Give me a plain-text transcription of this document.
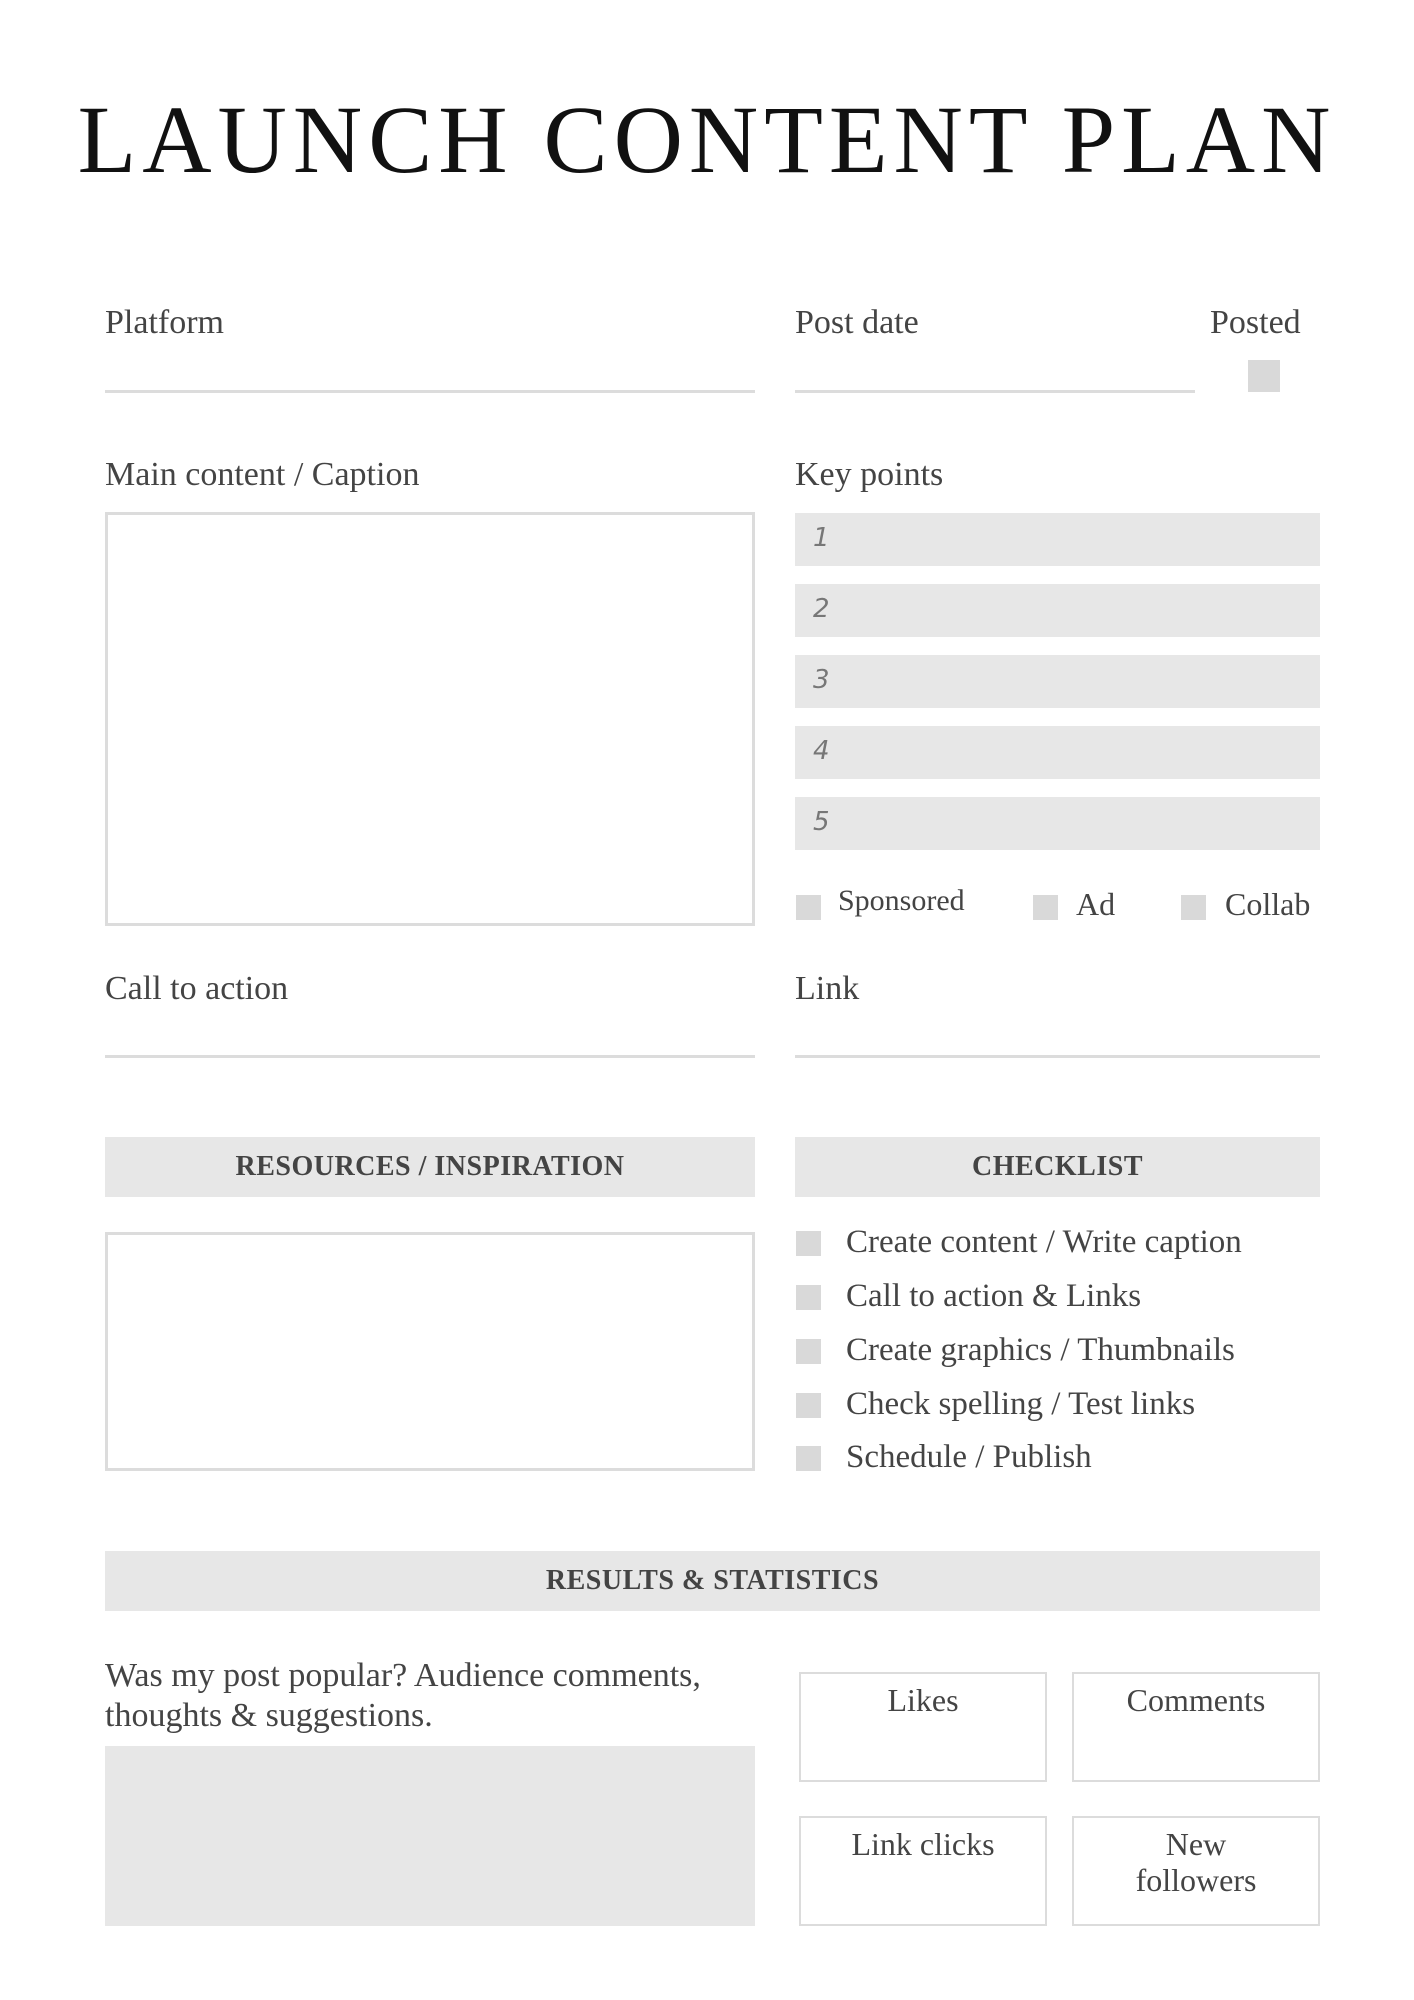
LAUNCH CONTENT PLAN
Platform	Post date	Posted
Main content / Caption	Key points
1
2
3
4
5
Sponsored	Ad	Collab
Call to action	Link
RESOURCES / INSPIRATION	CHECKLIST
Create content / Write caption
Call to action & Links
Create graphics / Thumbnails
Check spelling / Test links
Schedule / Publish
RESULTS & STATISTICS
Was my post popular? Audience comments, thoughts & suggestions.	Likes	Comments
Link clicks	New followers
